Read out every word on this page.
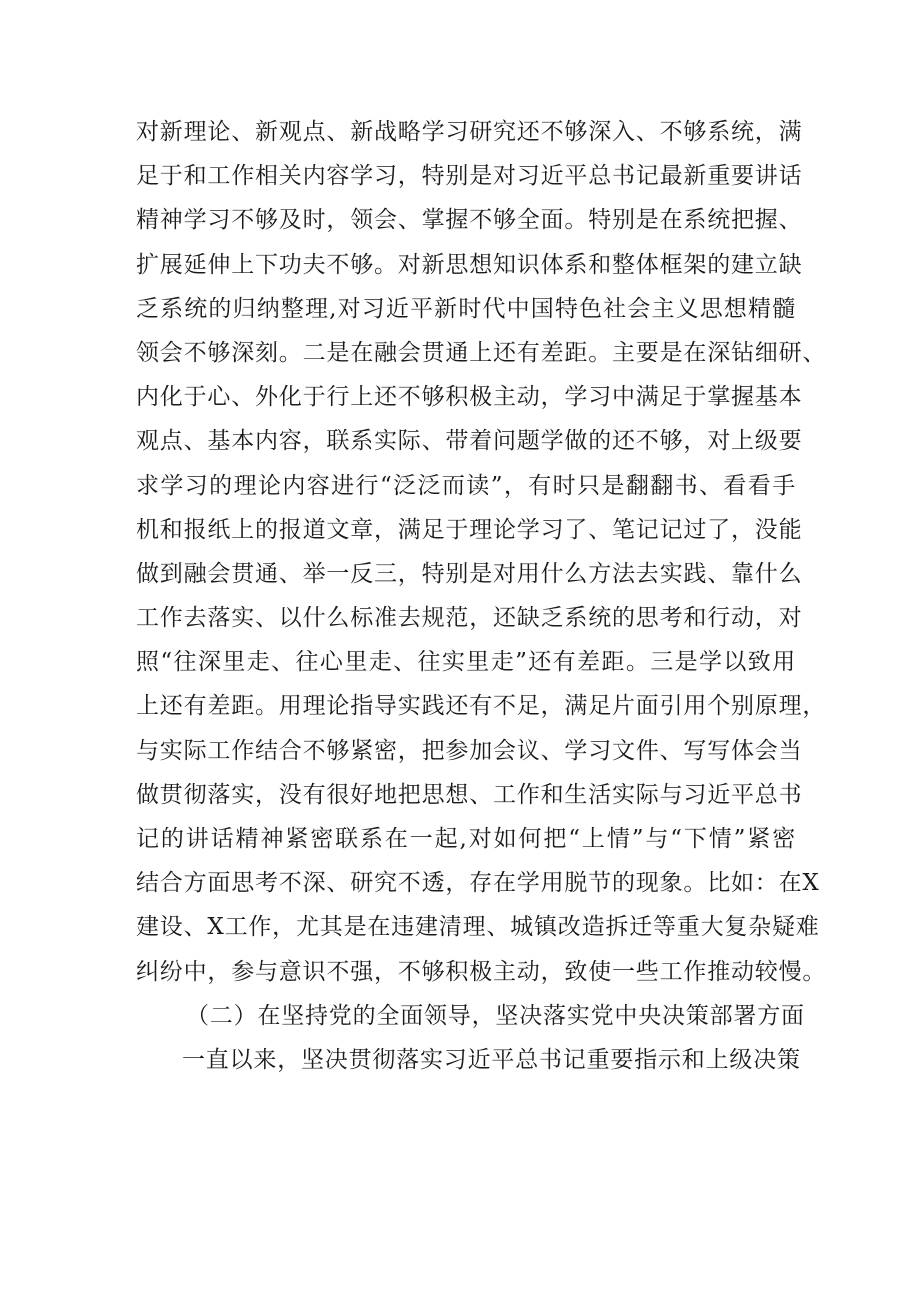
对新理论、新观点、新战略学习研究还不够深入、不够系统，满
足于和工作相关内容学习，特别是对习近平总书记最新重要讲话
精神学习不够及时，领会、掌握不够全面。特别是在系统把握、
扩展延伸上下功夫不够。对新思想知识体系和整体框架的建立缺
乏系统的归纳整理,对习近平新时代中国特色社会主义思想精髓
领会不够深刻。二是在融会贯通上还有差距。主要是在深钻细研、
内化于心、外化于行上还不够积极主动，学习中满足于掌握基本
观点、基本内容，联系实际、带着问题学做的还不够，对上级要
求学习的理论内容进行“泛泛而读”，有时只是翻翻书、看看手
机和报纸上的报道文章，满足于理论学习了、笔记记过了，没能
做到融会贯通、举一反三，特别是对用什么方法去实践、靠什么
工作去落实、以什么标准去规范，还缺乏系统的思考和行动，对
照“往深里走、往心里走、往实里走”还有差距。三是学以致用
上还有差距。用理论指导实践还有不足，满足片面引用个别原理，
与实际工作结合不够紧密，把参加会议、学习文件、写写体会当
做贯彻落实，没有很好地把思想、工作和生活实际与习近平总书
记的讲话精神紧密联系在一起,对如何把“上情”与“下情”紧密
结合方面思考不深、研究不透，存在学用脱节的现象。比如：在X
建设、X工作，尤其是在违建清理、城镇改造拆迁等重大复杂疑难
纠纷中，参与意识不强，不够积极主动，致使一些工作推动较慢。
（二）在坚持党的全面领导，坚决落实党中央决策部署方面
一直以来，坚决贯彻落实习近平总书记重要指示和上级决策
